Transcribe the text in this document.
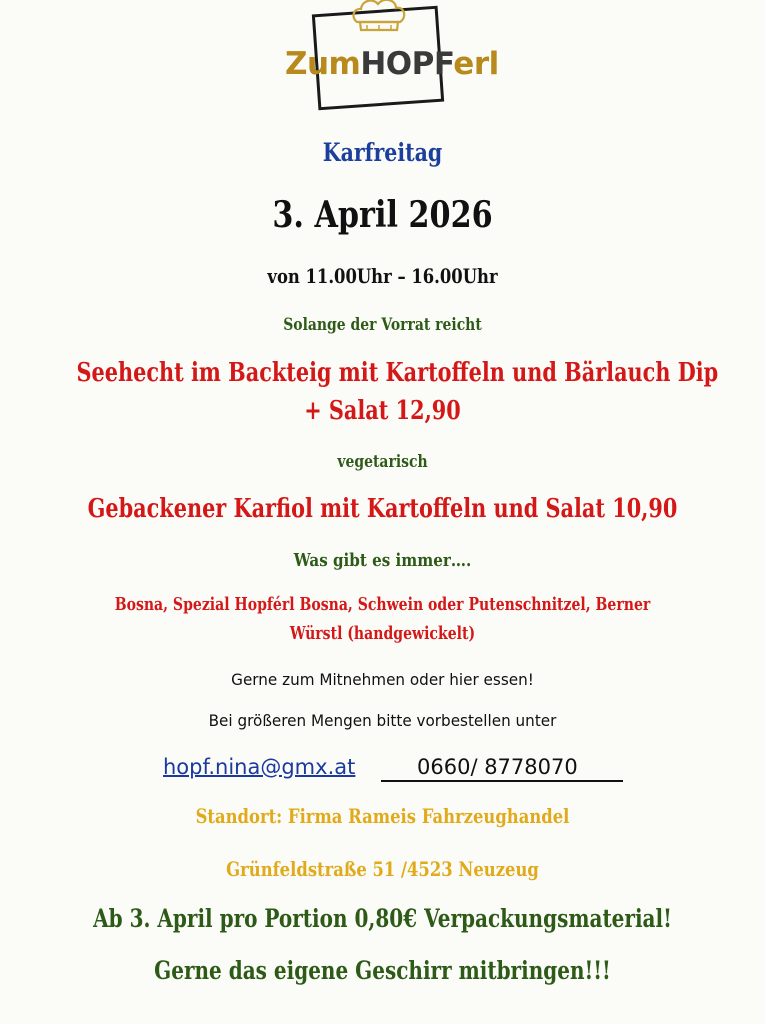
ZumHOPFerl
Karfreitag
3. April 2026
von 11.00Uhr – 16.00Uhr
Solange der Vorrat reicht
Seehecht im Backteig mit Kartoffeln und Bärlauch Dip
+ Salat 12,90
vegetarisch
Gebackener Karfiol mit Kartoffeln und Salat 10,90
Was gibt es immer….
Bosna, Spezial Hopférl Bosna, Schwein oder Putenschnitzel, Berner
Würstl (handgewickelt)
Gerne zum Mitnehmen oder hier essen!
Bei größeren Mengen bitte vorbestellen unter
hopf.nina@gmx.at	0660/ 8778070
Standort: Firma Rameis Fahrzeughandel
Grünfeldstraße 51 /4523 Neuzeug
Ab 3. April pro Portion 0,80€ Verpackungsmaterial!
Gerne das eigene Geschirr mitbringen!!!
